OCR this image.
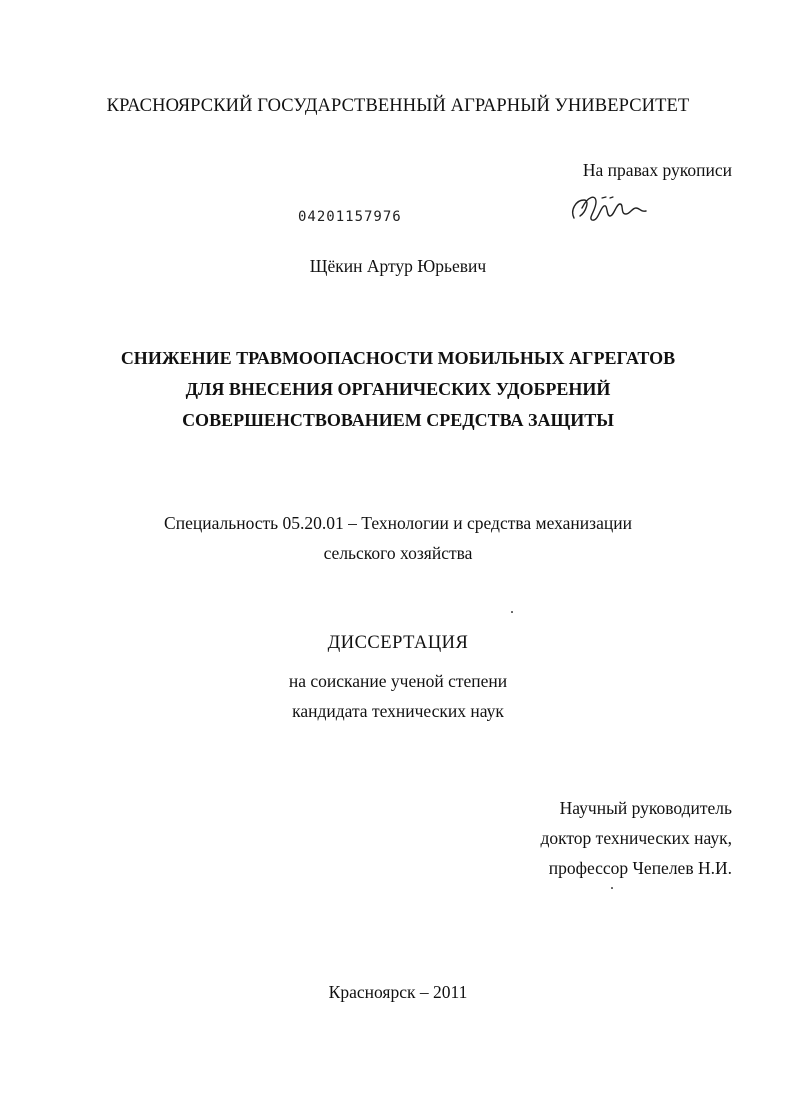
КРАСНОЯРСКИЙ ГОСУДАРСТВЕННЫЙ АГРАРНЫЙ УНИВЕРСИТЕТ
На правах рукописи
04201157976
Щёкин Артур Юрьевич
СНИЖЕНИЕ ТРАВМООПАСНОСТИ МОБИЛЬНЫХ АГРЕГАТОВ
ДЛЯ ВНЕСЕНИЯ ОРГАНИЧЕСКИХ УДОБРЕНИЙ
СОВЕРШЕНСТВОВАНИЕМ СРЕДСТВА ЗАЩИТЫ
Специальность 05.20.01 – Технологии и средства механизации
сельского хозяйства
ДИССЕРТАЦИЯ
на соискание ученой степени
кандидата технических наук
Научный руководитель
доктор технических наук,
профессор Чепелев Н.И.
Красноярск – 2011
